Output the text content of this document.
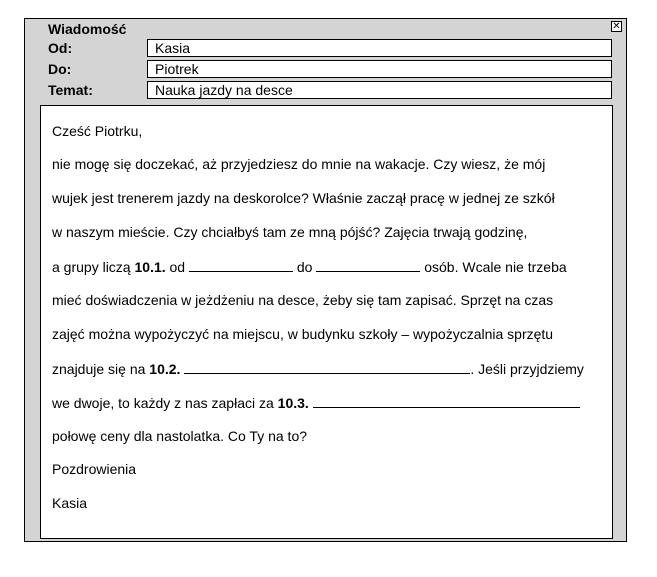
Wiadomość	✕
Od:	Kasia
Do:	Piotrek
Temat:	Nauka jazdy na desce
Cześć Piotrku,
nie mogę się doczekać, aż przyjedziesz do mnie na wakacje. Czy wiesz, że mój
wujek jest trenerem jazdy na deskorolce? Właśnie zaczął pracę w jednej ze szkół
w naszym mieście. Czy chciałbyś tam ze mną pójść? Zajęcia trwają godzinę,
a grupy liczą 10.1. od	do	osób. Wcale nie trzeba
mieć doświadczenia w jeżdżeniu na desce, żeby się tam zapisać. Sprzęt na czas
zajęć można wypożyczyć na miejscu, w budynku szkoły – wypożyczalnia sprzętu
znajduje się na 10.2.	. Jeśli przyjdziemy
we dwoje, to każdy z nas zapłaci za 10.3.
połowę ceny dla nastolatka. Co Ty na to?
Pozdrowienia
Kasia
